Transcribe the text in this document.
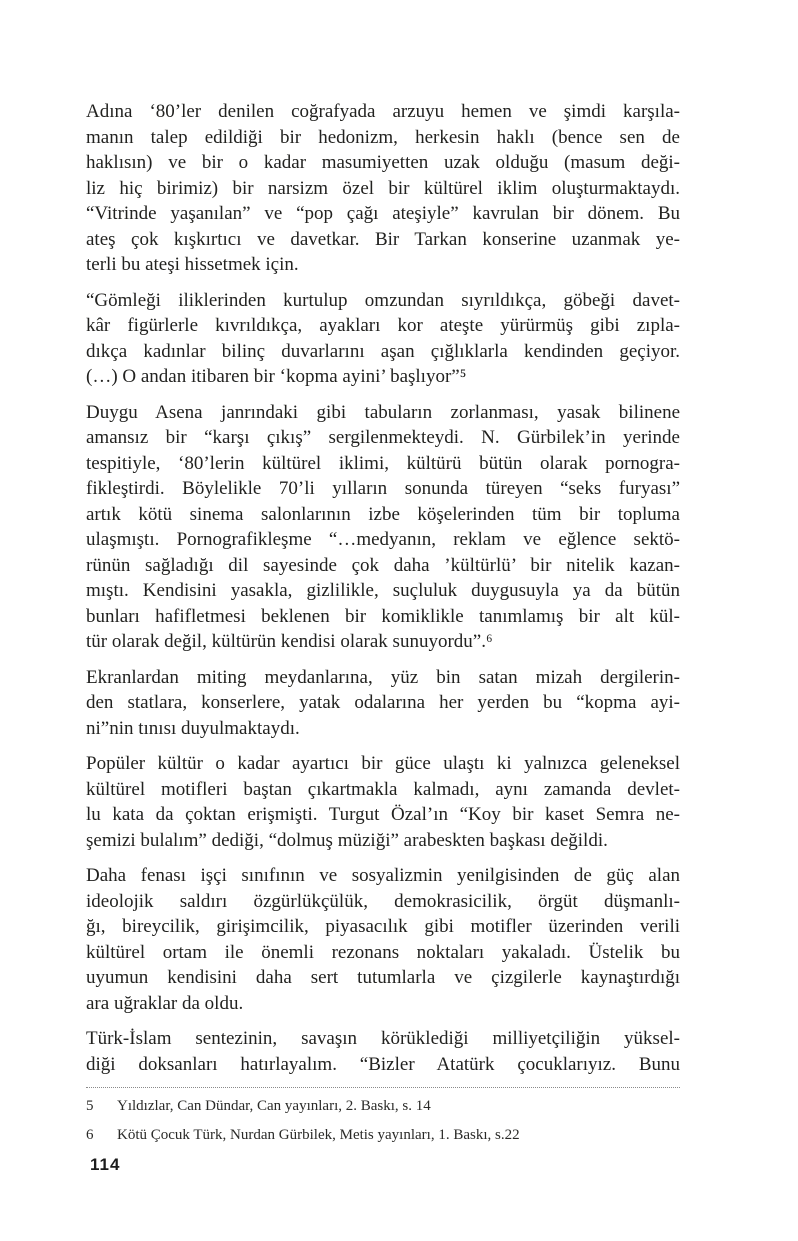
Adına ‘80’ler denilen coğrafyada arzuyu hemen ve şimdi karşıla-
manın talep edildiği bir hedonizm, herkesin haklı (bence sen de
haklısın) ve bir o kadar masumiyetten uzak olduğu (masum deği-
liz hiç birimiz) bir narsizm özel bir kültürel iklim oluşturmaktaydı.
“Vitrinde yaşanılan” ve “pop çağı ateşiyle” kavrulan bir dönem. Bu
ateş çok kışkırtıcı ve davetkar. Bir Tarkan konserine uzanmak ye-
terli bu ateşi hissetmek için.
“Gömleği iliklerinden kurtulup omzundan sıyrıldıkça, göbeği davet-
kâr figürlerle kıvrıldıkça, ayakları kor ateşte yürürmüş gibi zıpla-
dıkça kadınlar bilinç duvarlarını aşan çığlıklarla kendinden geçiyor.
(…) O andan itibaren bir ‘kopma ayini’ başlıyor”⁵
Duygu Asena janrındaki gibi tabuların zorlanması, yasak bilinene
amansız bir “karşı çıkış” sergilenmekteydi. N. Gürbilek’in yerinde
tespitiyle, ‘80’lerin kültürel iklimi, kültürü bütün olarak pornogra-
fikleştirdi. Böylelikle 70’li yılların sonunda türeyen “seks furyası”
artık kötü sinema salonlarının izbe köşelerinden tüm bir topluma
ulaşmıştı. Pornografikleşme “…medyanın, reklam ve eğlence sektö-
rünün sağladığı dil sayesinde çok daha ’kültürlü’ bir nitelik kazan-
mıştı. Kendisini yasakla, gizlilikle, suçluluk duygusuyla ya da bütün
bunları hafifletmesi beklenen bir komiklikle tanımlamış bir alt kül-
tür olarak değil, kültürün kendisi olarak sunuyordu”.⁶
Ekranlardan miting meydanlarına, yüz bin satan mizah dergilerin-
den statlara, konserlere, yatak odalarına her yerden bu “kopma ayi-
ni”nin tınısı duyulmaktaydı.
Popüler kültür o kadar ayartıcı bir güce ulaştı ki yalnızca geleneksel
kültürel motifleri baştan çıkartmakla kalmadı, aynı zamanda devlet-
lu kata da çoktan erişmişti. Turgut Özal’ın “Koy bir kaset Semra ne-
şemizi bulalım” dediği, “dolmuş müziği” arabeskten başkası değildi.
Daha fenası işçi sınıfının ve sosyalizmin yenilgisinden de güç alan
ideolojik saldırı özgürlükçülük, demokrasicilik, örgüt düşmanlı-
ğı, bireycilik, girişimcilik, piyasacılık gibi motifler üzerinden verili
kültürel ortam ile önemli rezonans noktaları yakaladı. Üstelik bu
uyumun kendisini daha sert tutumlarla ve çizgilerle kaynaştırdığı
ara uğraklar da oldu.
Türk-İslam sentezinin, savaşın körüklediği milliyetçiliğin yüksel-
diği doksanları hatırlayalım. “Bizler Atatürk çocuklarıyız. Bunu
5	Yıldızlar, Can Dündar, Can yayınları, 2. Baskı, s. 14
6	Kötü Çocuk Türk, Nurdan Gürbilek, Metis yayınları, 1. Baskı, s.22
114
